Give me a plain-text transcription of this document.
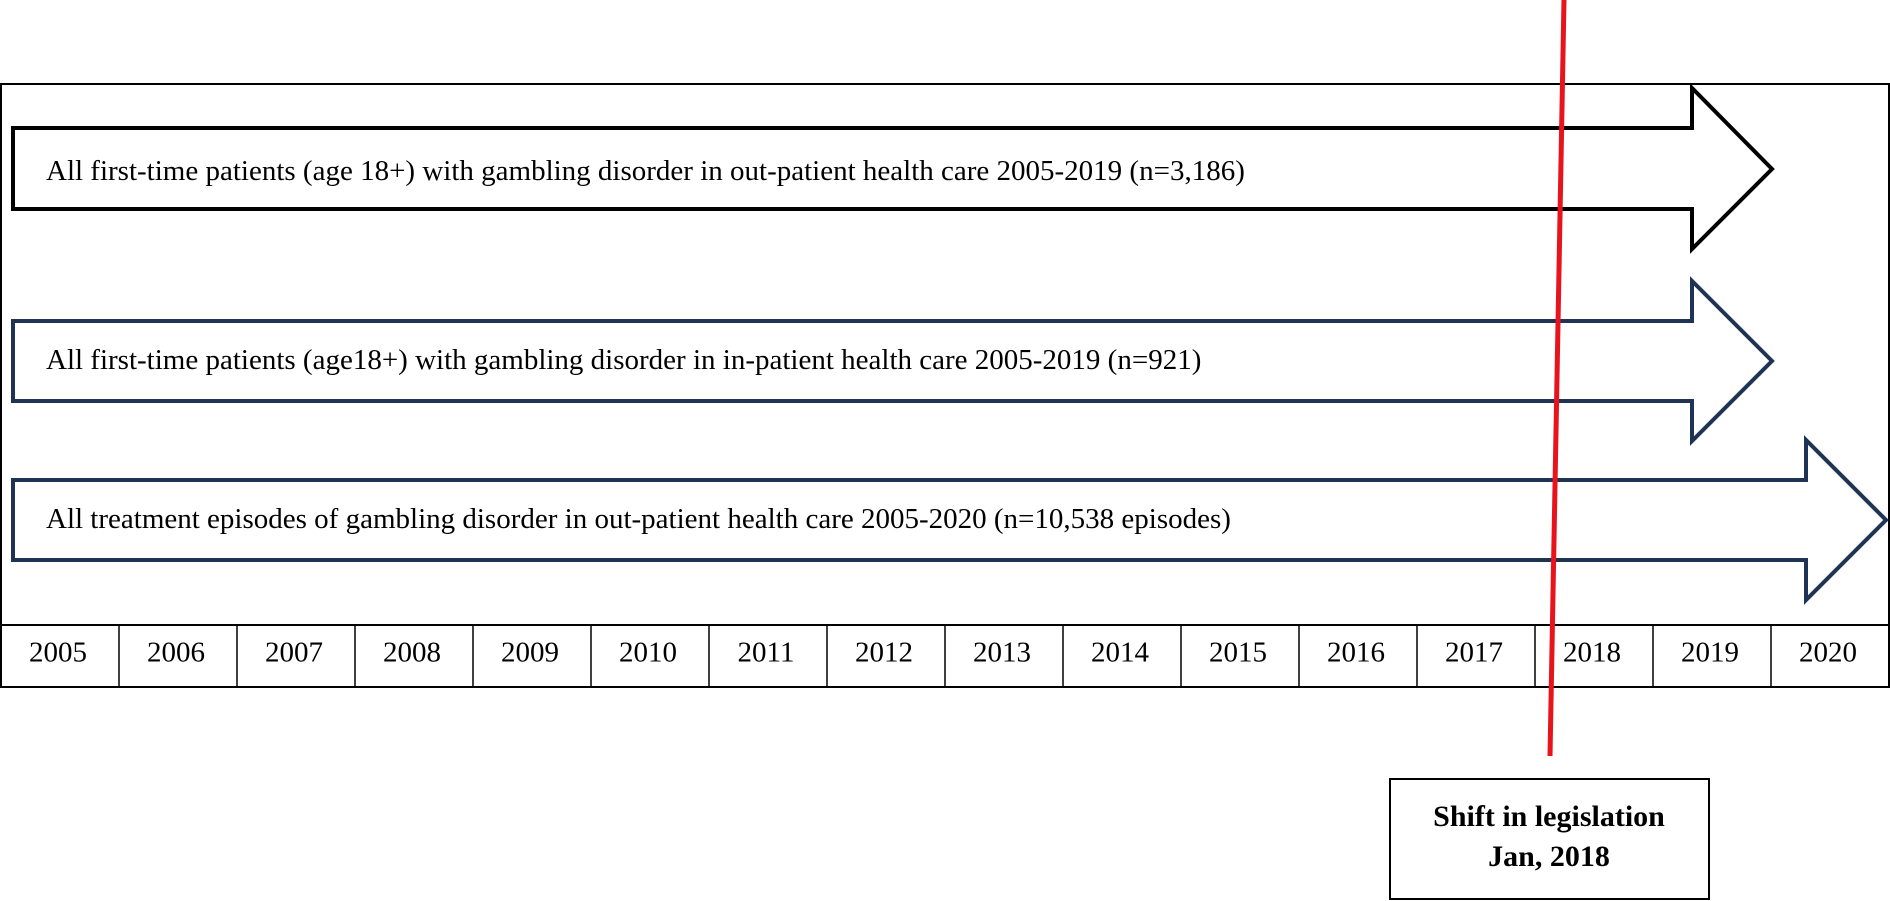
All first-time patients (age 18+) with gambling disorder in out-patient health care 2005-2019 (n=3,186)
All first-time patients (age18+) with gambling disorder in in-patient health care 2005-2019 (n=921)
All treatment episodes of gambling disorder in out-patient health care 2005-2020 (n=10,538 episodes)
2005 2006 2007 2008 2009 2010 2011 2012 2013 2014 2015 2016 2017 2018 2019 2020
Shift in legislation
Jan, 2018
